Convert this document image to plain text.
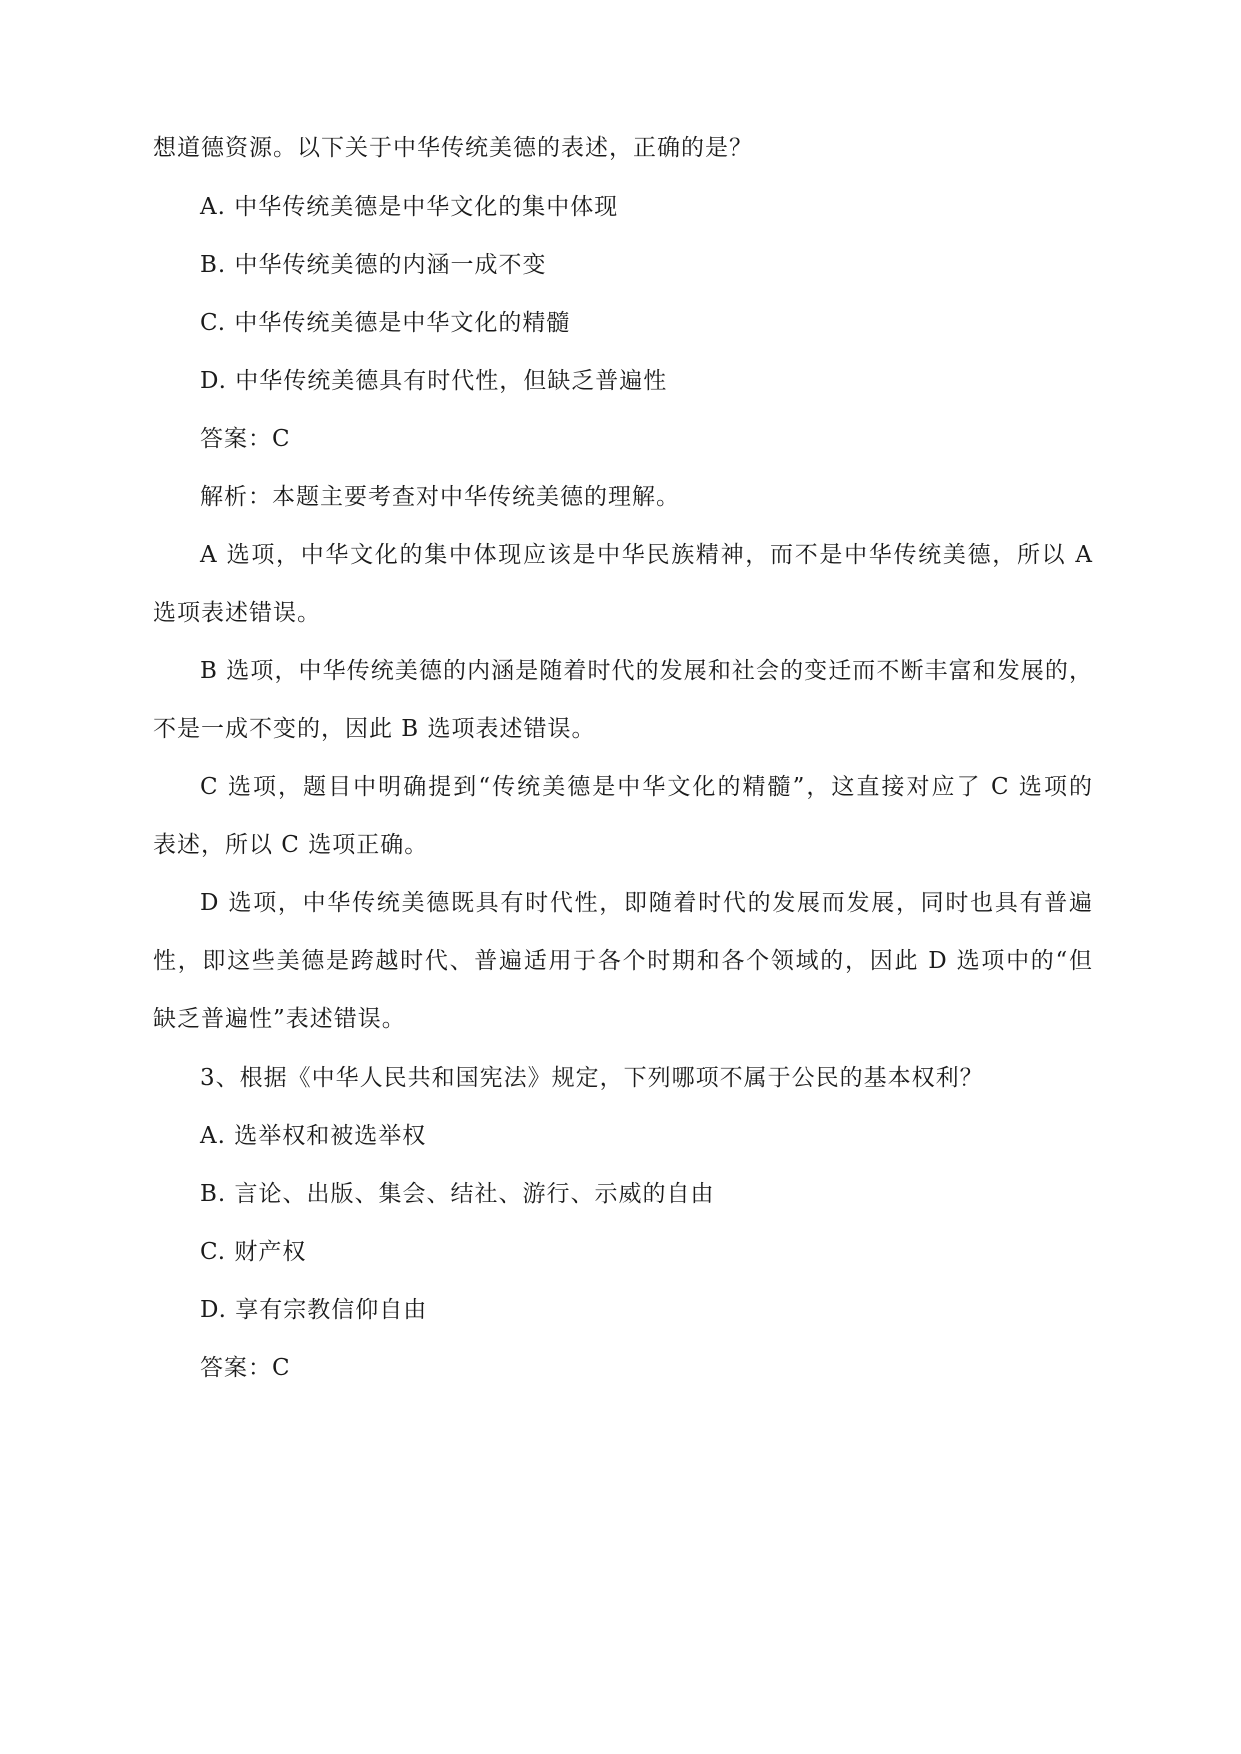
想道德资源。以下关于中华传统美德的表述，正确的是？
A. 中华传统美德是中华文化的集中体现
B. 中华传统美德的内涵一成不变
C. 中华传统美德是中华文化的精髓
D. 中华传统美德具有时代性，但缺乏普遍性
答案：C
解析：本题主要考查对中华传统美德的理解。
A 选项，中华文化的集中体现应该是中华民族精神，而不是中华传统美德，所以 A
选项表述错误。
B 选项，中华传统美德的内涵是随着时代的发展和社会的变迁而不断丰富和发展的，
不是一成不变的，因此 B 选项表述错误。
C 选项，题目中明确提到“传统美德是中华文化的精髓”，这直接对应了 C 选项的
表述，所以 C 选项正确。
D 选项，中华传统美德既具有时代性，即随着时代的发展而发展，同时也具有普遍
性，即这些美德是跨越时代、普遍适用于各个时期和各个领域的，因此 D 选项中的“但
缺乏普遍性”表述错误。
3、根据《中华人民共和国宪法》规定，下列哪项不属于公民的基本权利？
A. 选举权和被选举权
B. 言论、出版、集会、结社、游行、示威的自由
C. 财产权
D. 享有宗教信仰自由
答案：C
